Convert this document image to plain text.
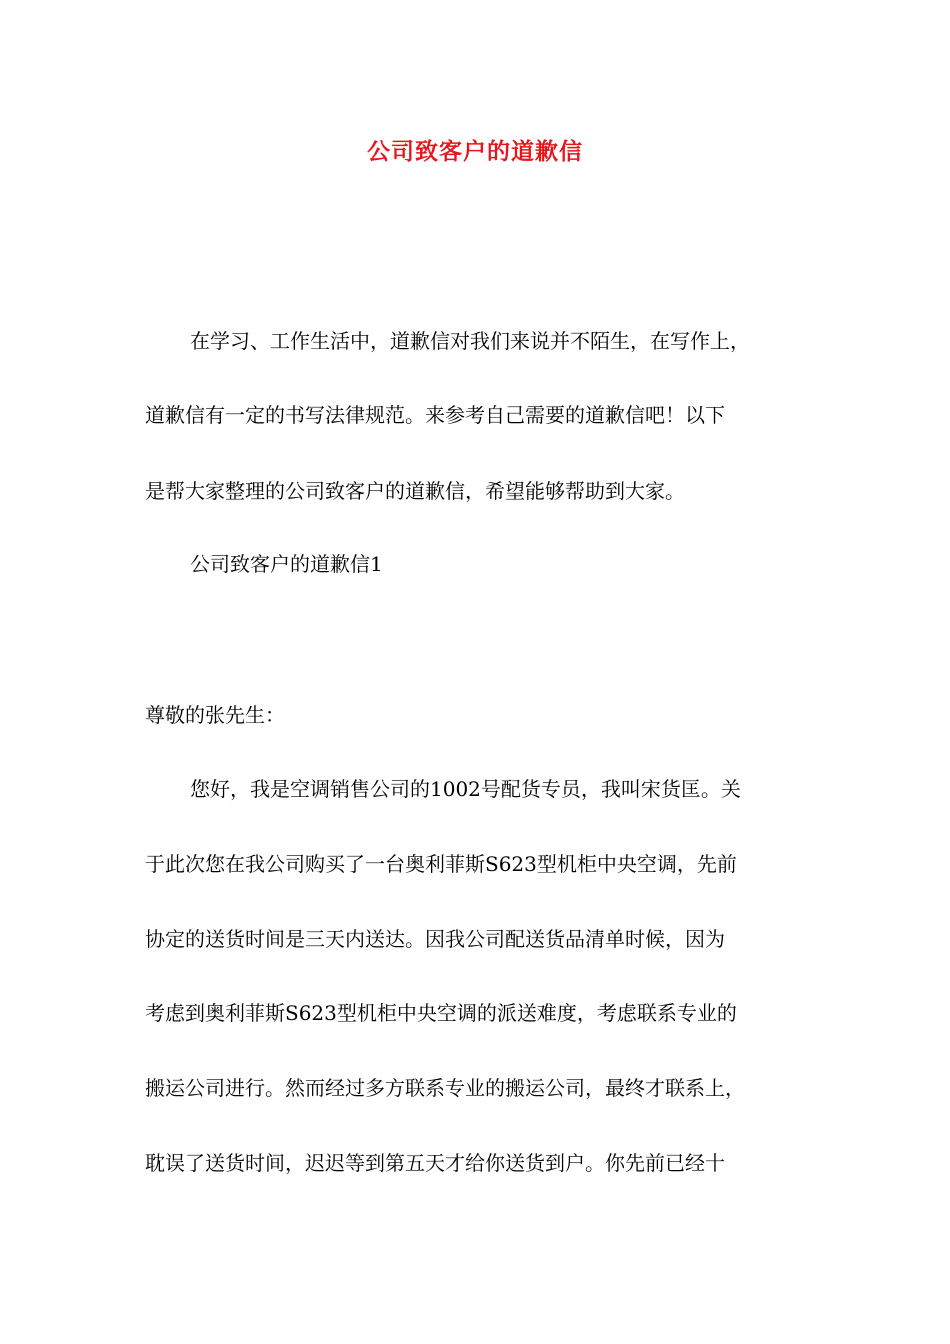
公司致客户的道歉信
在学习、工作生活中，道歉信对我们来说并不陌生，在写作上，
道歉信有一定的书写法律规范。来参考自己需要的道歉信吧！以下
是帮大家整理的公司致客户的道歉信，希望能够帮助到大家。
公司致客户的道歉信1
尊敬的张先生：
您好，我是空调销售公司的1002号配货专员，我叫宋货匡。关
于此次您在我公司购买了一台奥利菲斯S623型机柜中央空调，先前
协定的送货时间是三天内送达。因我公司配送货品清单时候，因为
考虑到奥利菲斯S623型机柜中央空调的派送难度，考虑联系专业的
搬运公司进行。然而经过多方联系专业的搬运公司，最终才联系上，
耽误了送货时间，迟迟等到第五天才给你送货到户。你先前已经十
